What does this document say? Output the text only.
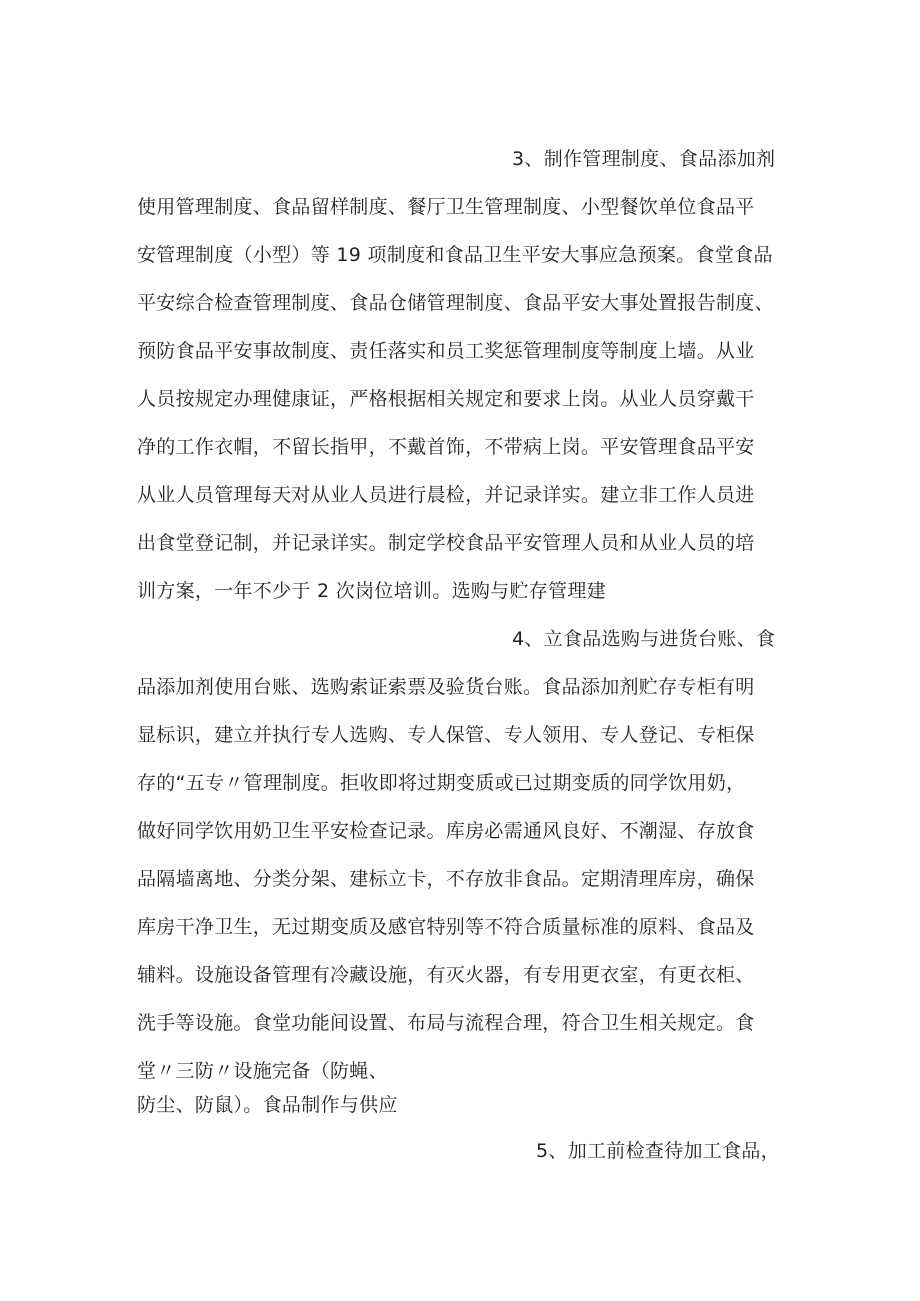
3、制作管理制度、食品添加剂
使用管理制度、食品留样制度、餐厅卫生管理制度、小型餐饮单位食品平
安管理制度（小型）等 19 项制度和食品卫生平安大事应急预案。食堂食品
平安综合检查管理制度、食品仓储管理制度、食品平安大事处置报告制度、
预防食品平安事故制度、责任落实和员工奖惩管理制度等制度上墙。从业
人员按规定办理健康证，严格根据相关规定和要求上岗。从业人员穿戴干
净的工作衣帽，不留长指甲，不戴首饰，不带病上岗。平安管理食品平安
从业人员管理每天对从业人员进行晨检，并记录详实。建立非工作人员进
出食堂登记制，并记录详实。制定学校食品平安管理人员和从业人员的培
训方案，一年不少于 2 次岗位培训。选购与贮存管理建
4、立食品选购与进货台账、食
品添加剂使用台账、选购索证索票及验货台账。食品添加剂贮存专柜有明
显标识，建立并执行专人选购、专人保管、专人领用、专人登记、专柜保
存的“五专〃管理制度。拒收即将过期变质或已过期变质的同学饮用奶，
做好同学饮用奶卫生平安检查记录。库房必需通风良好、不潮湿、存放食
品隔墙离地、分类分架、建标立卡，不存放非食品。定期清理库房，确保
库房干净卫生，无过期变质及感官特别等不符合质量标准的原料、食品及
辅料。设施设备管理有冷藏设施，有灭火器，有专用更衣室，有更衣柜、
洗手等设施。食堂功能间设置、布局与流程合理，符合卫生相关规定。食
堂〃三防〃设施完备（防蝇、
防尘、防鼠）。食品制作与供应
5、加工前检查待加工食品，
